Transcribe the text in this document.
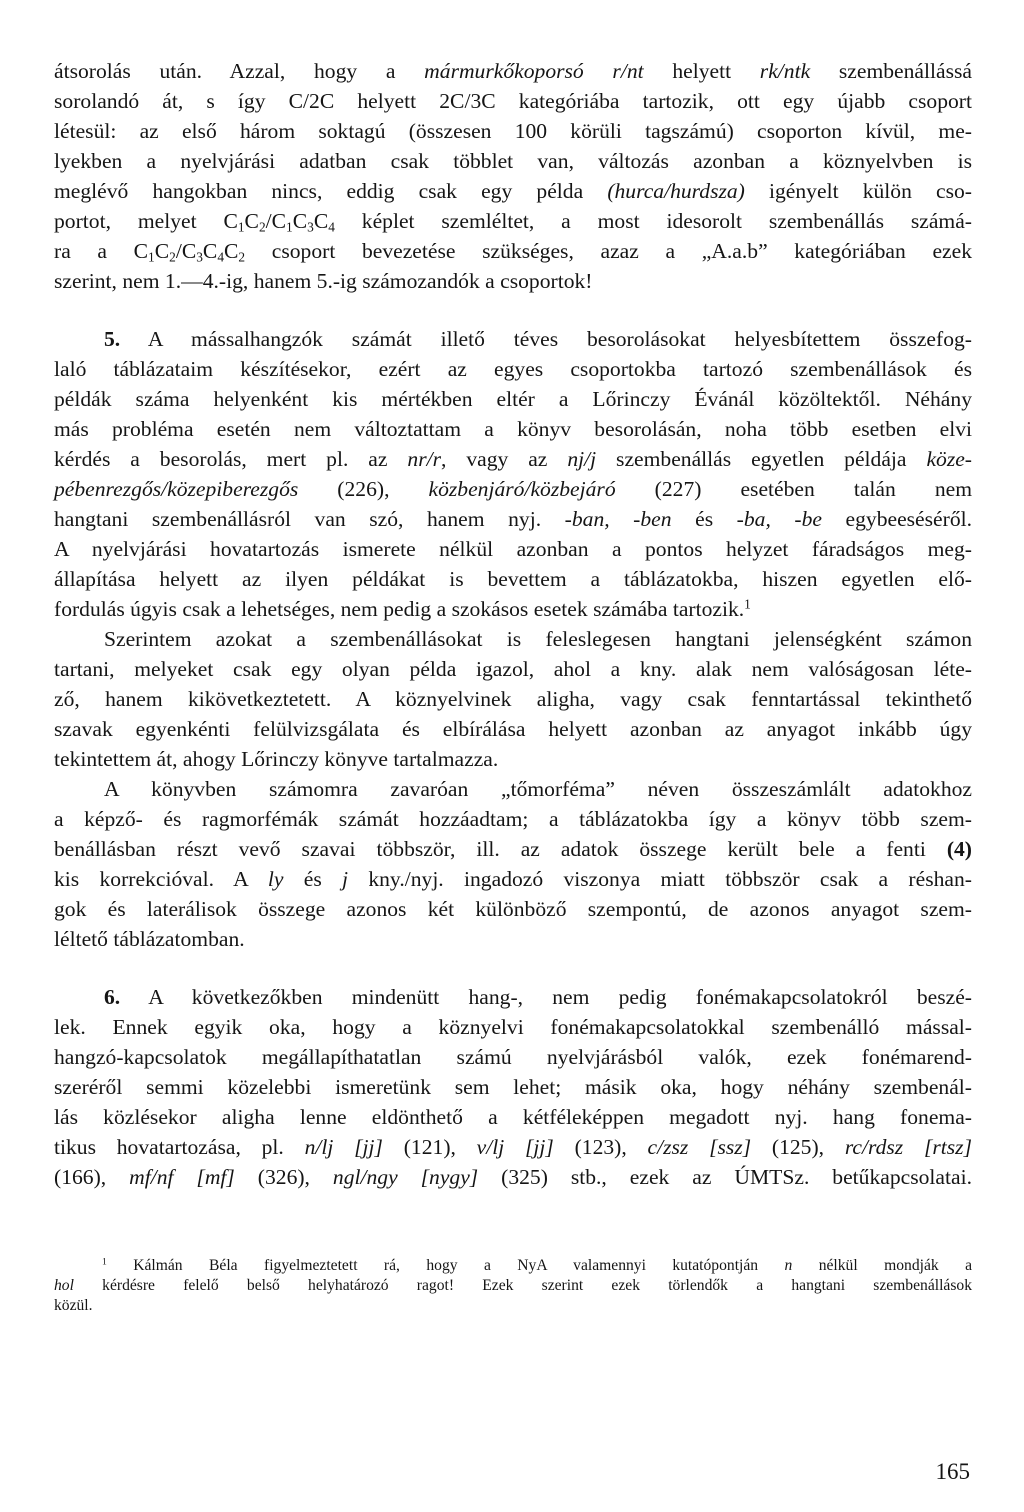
átsorolás után. Azzal, hogy a mármurkőkoporsó r/nt helyett rk/ntk szembenállássá
sorolandó át, s így C/2C helyett 2C/3C kategóriába tartozik, ott egy újabb csoport
létesül: az első három soktagú (összesen 100 körüli tagszámú) csoporton kívül, me-
lyekben a nyelvjárási adatban csak többlet van, változás azonban a köznyelvben is
meglévő hangokban nincs, eddig csak egy példa (hurca/hurdsza) igényelt külön cso-
portot, melyet $C_1C_2/C_1C_3C_4$ képlet szemléltet, a most idesorolt szembenállás számá-
ra a $C_1C_2/C_3C_4C_2$ csoport bevezetése szükséges, azaz a „A.a.b” kategóriában ezek
szerint, nem 1.—4.-ig, hanem 5.-ig számozandók a csoportok!
5. A mássalhangzók számát illető téves besorolásokat helyesbítettem összefog-
laló táblázataim készítésekor, ezért az egyes csoportokba tartozó szembenállások és
példák száma helyenként kis mértékben eltér a Lőrinczy Évánál közöltektől. Néhány
más probléma esetén nem változtattam a könyv besorolásán, noha több esetben elvi
kérdés a besorolás, mert pl. az nr/r, vagy az nj/j szembenállás egyetlen példája köze-
pébenrezgős/közepiberezgős (226), közbenjáró/közbejáró (227) esetében talán nem
hangtani szembenállásról van szó, hanem nyj. -ban, -ben és -ba, -be egybeeséséről.
A nyelvjárási hovatartozás ismerete nélkül azonban a pontos helyzet fáradságos meg-
állapítása helyett az ilyen példákat is bevettem a táblázatokba, hiszen egyetlen elő-
fordulás úgyis csak a lehetséges, nem pedig a szokásos esetek számába tartozik.$^1$
Szerintem azokat a szembenállásokat is feleslegesen hangtani jelenségként számon
tartani, melyeket csak egy olyan példa igazol, ahol a kny. alak nem valóságosan léte-
ző, hanem kikövetkeztetett. A köznyelvinek aligha, vagy csak fenntartással tekinthető
szavak egyenkénti felülvizsgálata és elbírálása helyett azonban az anyagot inkább úgy
tekintettem át, ahogy Lőrinczy könyve tartalmazza.
A könyvben számomra zavaróan „tőmorféma” néven összeszámlált adatokhoz
a képző- és ragmorfémák számát hozzáadtam; a táblázatokba így a könyv több szem-
benállásban részt vevő szavai többször, ill. az adatok összege került bele a fenti (4)
kis korrekcióval. A ly és j kny./nyj. ingadozó viszonya miatt többször csak a réshan-
gok és laterálisok összege azonos két különböző szempontú, de azonos anyagot szem-
léltető táblázatomban.
6. A következőkben mindenütt hang-, nem pedig fonémakapcsolatokról beszé-
lek. Ennek egyik oka, hogy a köznyelvi fonémakapcsolatokkal szembenálló mással-
hangzó-kapcsolatok megállapíthatatlan számú nyelvjárásból valók, ezek fonémarend-
szeréről semmi közelebbi ismeretünk sem lehet; másik oka, hogy néhány szembenál-
lás közlésekor aligha lenne eldönthető a kétféleképpen megadott nyj. hang fonema-
tikus hovatartozása, pl. n/lj [jj] (121), v/lj [jj] (123), c/zsz [ssz] (125), rc/rdsz [rtsz]
(166), mf/nf [mf] (326), ngl/ngy [nygy] (325) stb., ezek az ÚMTSz. betűkapcsolatai.
$^1$ Kálmán Béla figyelmeztetett rá, hogy a NyA valamennyi kutatópontján n nélkül mondják a
hol kérdésre felelő belső helyhatározó ragot! Ezek szerint ezek törlendők a hangtani szembenállások
közül.
165
